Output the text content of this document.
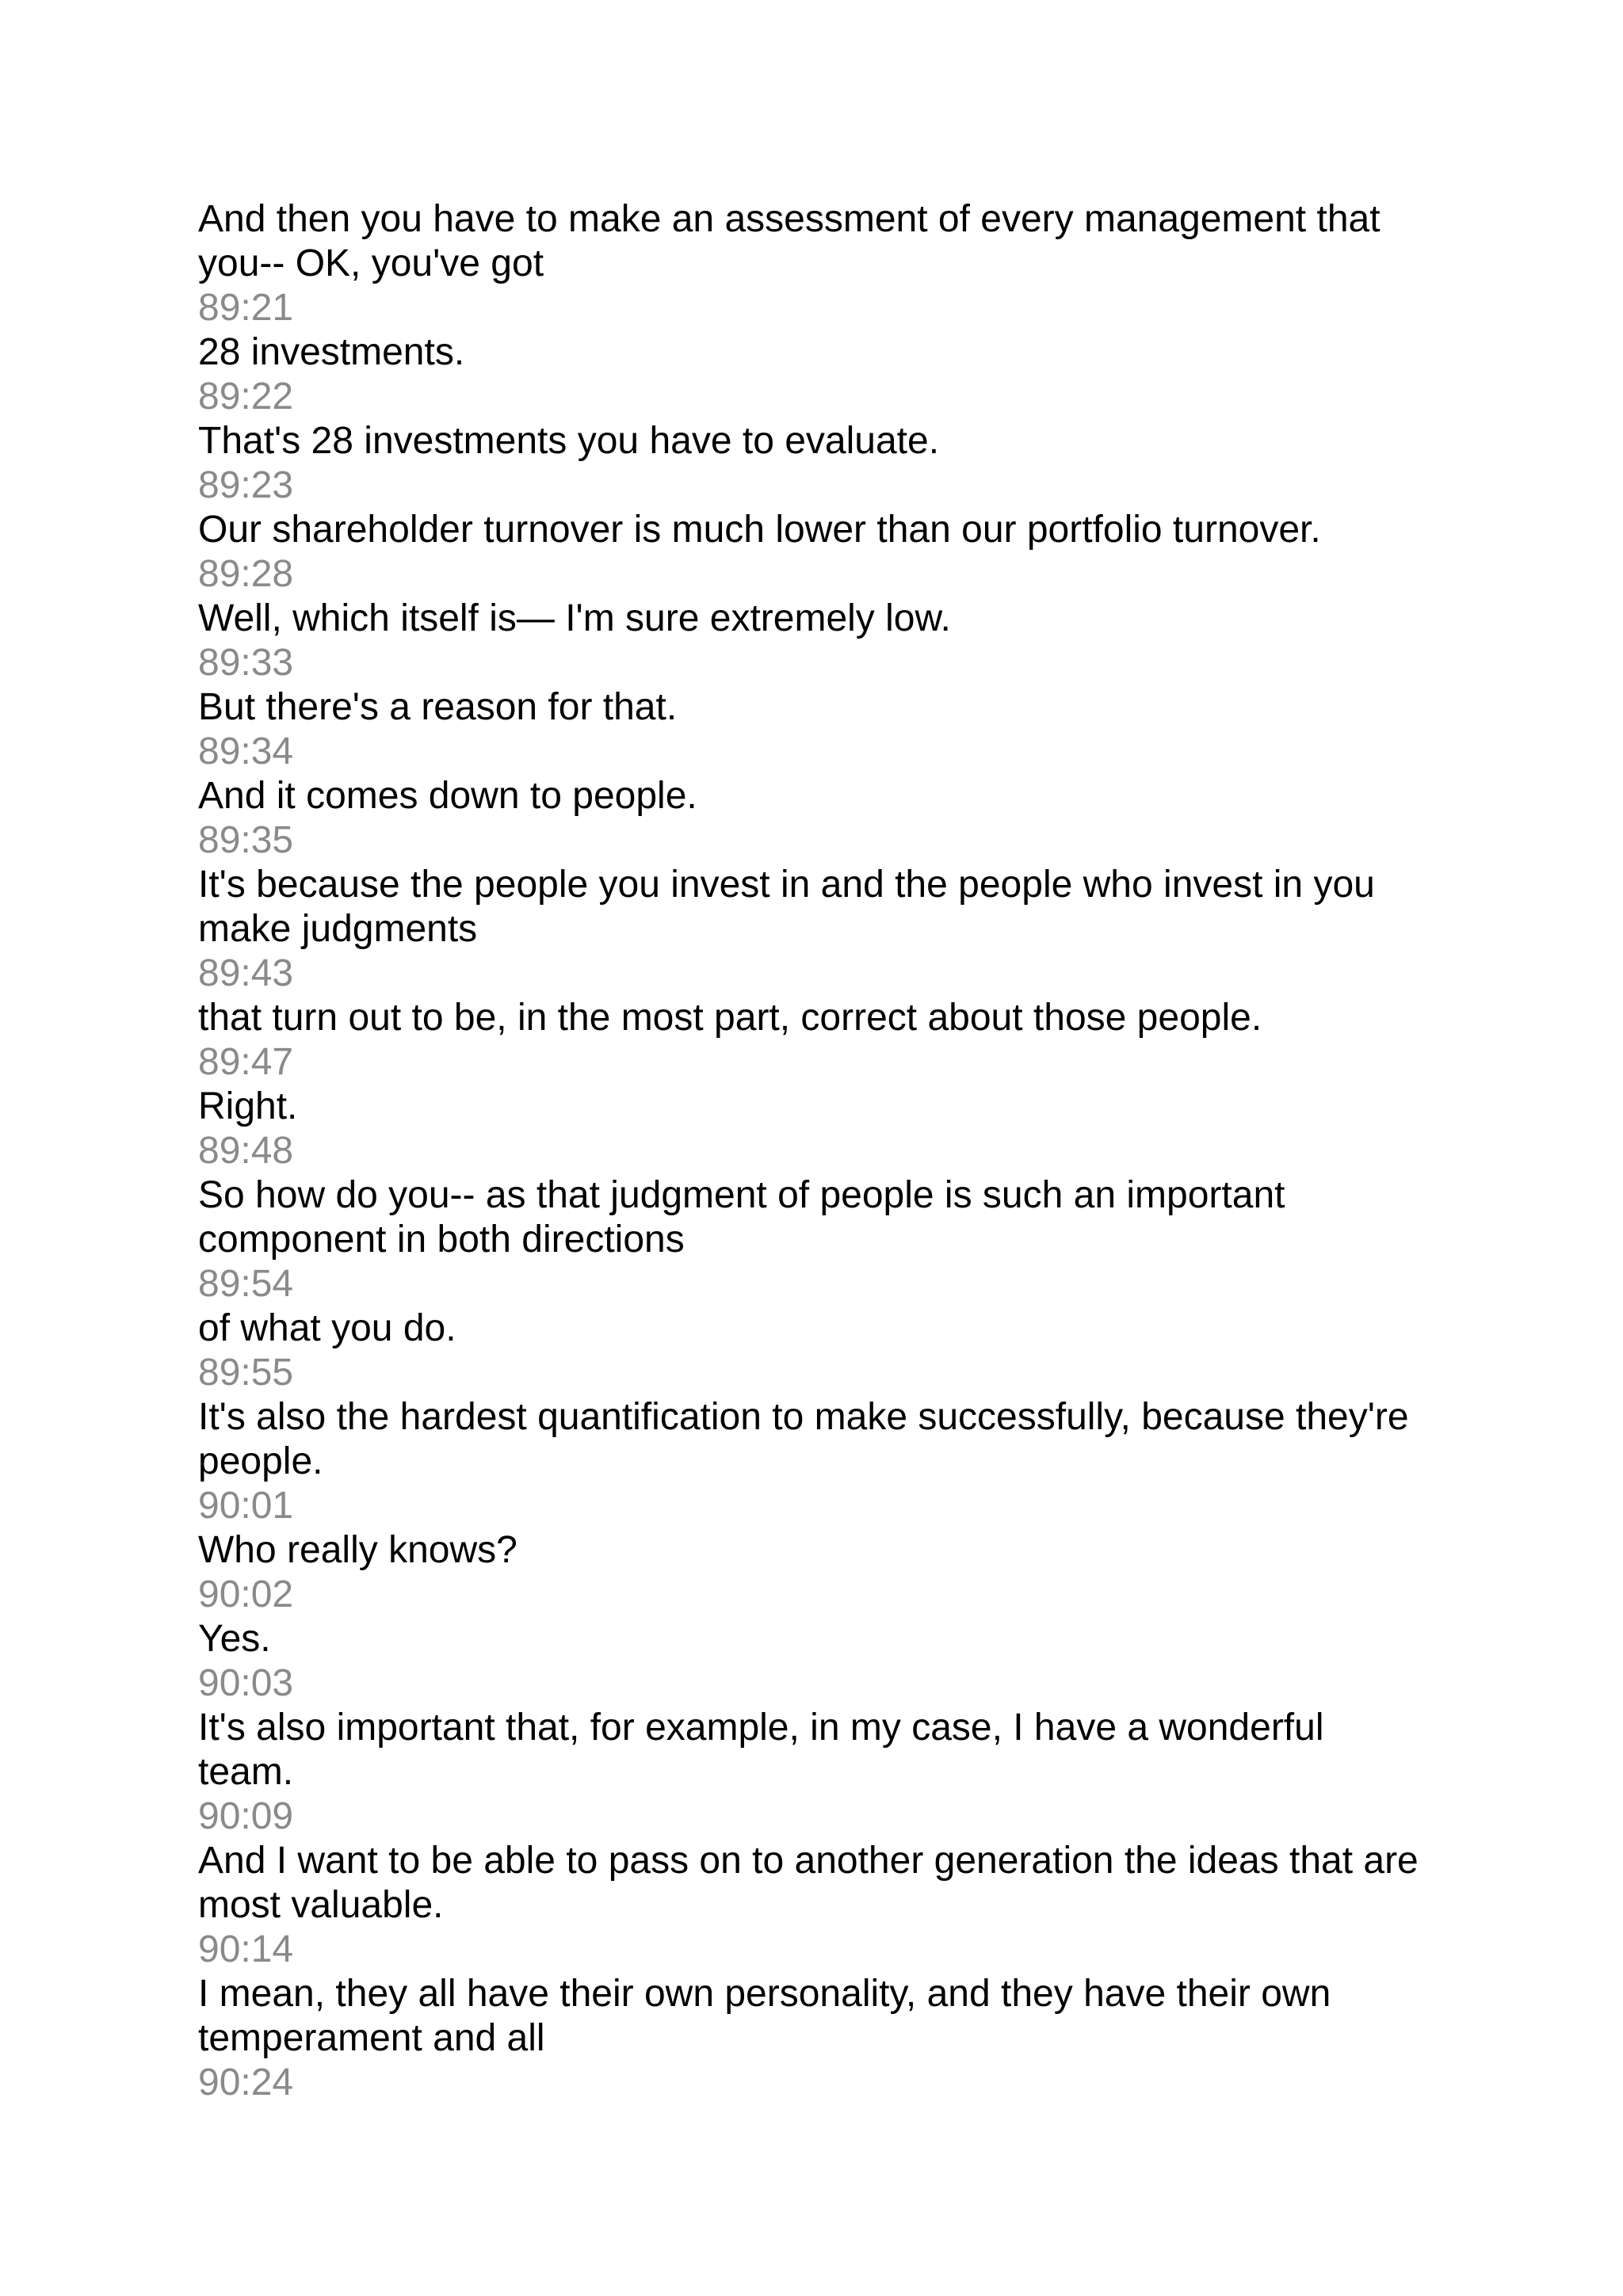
And then you have to make an assessment of every management that
you-- OK, you've got
89:21
28 investments.
89:22
That's 28 investments you have to evaluate.
89:23
Our shareholder turnover is much lower than our portfolio turnover.
89:28
Well, which itself is— I'm sure extremely low.
89:33
But there's a reason for that.
89:34
And it comes down to people.
89:35
It's because the people you invest in and the people who invest in you
make judgments
89:43
that turn out to be, in the most part, correct about those people.
89:47
Right.
89:48
So how do you-- as that judgment of people is such an important
component in both directions
89:54
of what you do.
89:55
It's also the hardest quantification to make successfully, because they're
people.
90:01
Who really knows?
90:02
Yes.
90:03
It's also important that, for example, in my case, I have a wonderful
team.
90:09
And I want to be able to pass on to another generation the ideas that are
most valuable.
90:14
I mean, they all have their own personality, and they have their own
temperament and all
90:24
